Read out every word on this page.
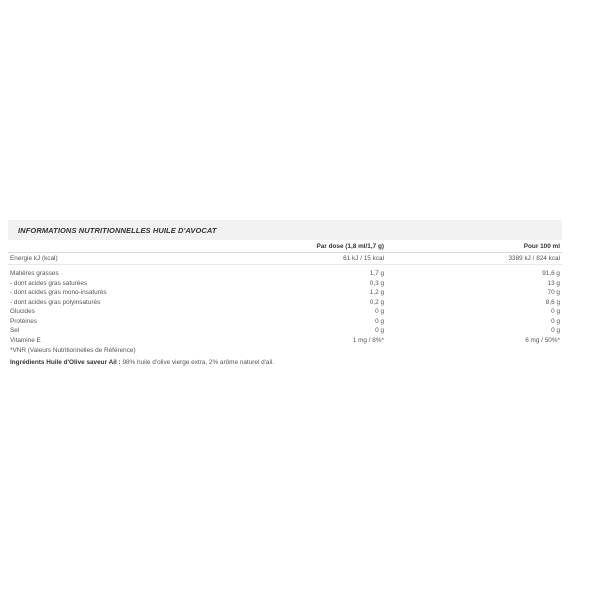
INFORMATIONS NUTRITIONNELLES HUILE D'AVOCAT
	Par dose (1,8 ml/1,7 g)	Pour 100 ml
Energie kJ (kcal)	61 kJ / 15 kcal	3389 kJ / 824 kcal

Matières grasses	1,7 g	91,6 g
- dont acides gras saturées	0,3 g	13 g
- dont acides gras mono-insaturés	1,2 g	70 g
- dont acides gras polyinsaturés	0,2 g	8,6 g
Glucides	0 g	0 g
Protéines	0 g	0 g
Sel	0 g	0 g
Vitamine E	1 mg / 8%*	6 mg / 50%*
*VNR (Valeurs Nutritionnelles de Référence)		
Ingrédients Huile d'Olive saveur Ail : 98% huile d'olive vierge extra, 2% arôme naturel d'ail.
